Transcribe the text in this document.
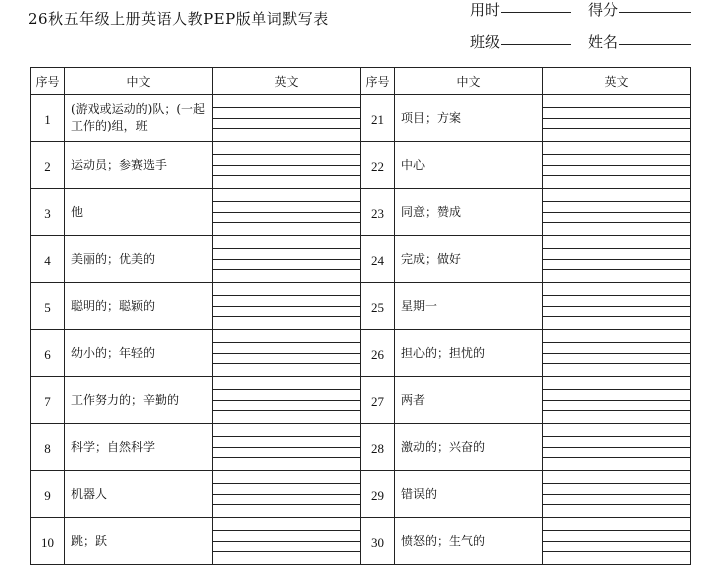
26秋五年级上册英语人教PEP版单词默写表	用时	得分
班级	姓名
序号	中文	英文	序号	中文	英文
1	(游戏或运动的)队；(一起工作的)组，班		21	项目；方案	

2	运动员；参赛选手		22	中心	

3	他		23	同意；赞成	

4	美丽的；优美的		24	完成；做好	

5	聪明的；聪颖的		25	星期一	

6	幼小的；年轻的		26	担心的；担忧的	

7	工作努力的；辛勤的		27	两者	

8	科学；自然科学		28	激动的；兴奋的	

9	机器人		29	错误的	

10	跳；跃		30	愤怒的；生气的	
